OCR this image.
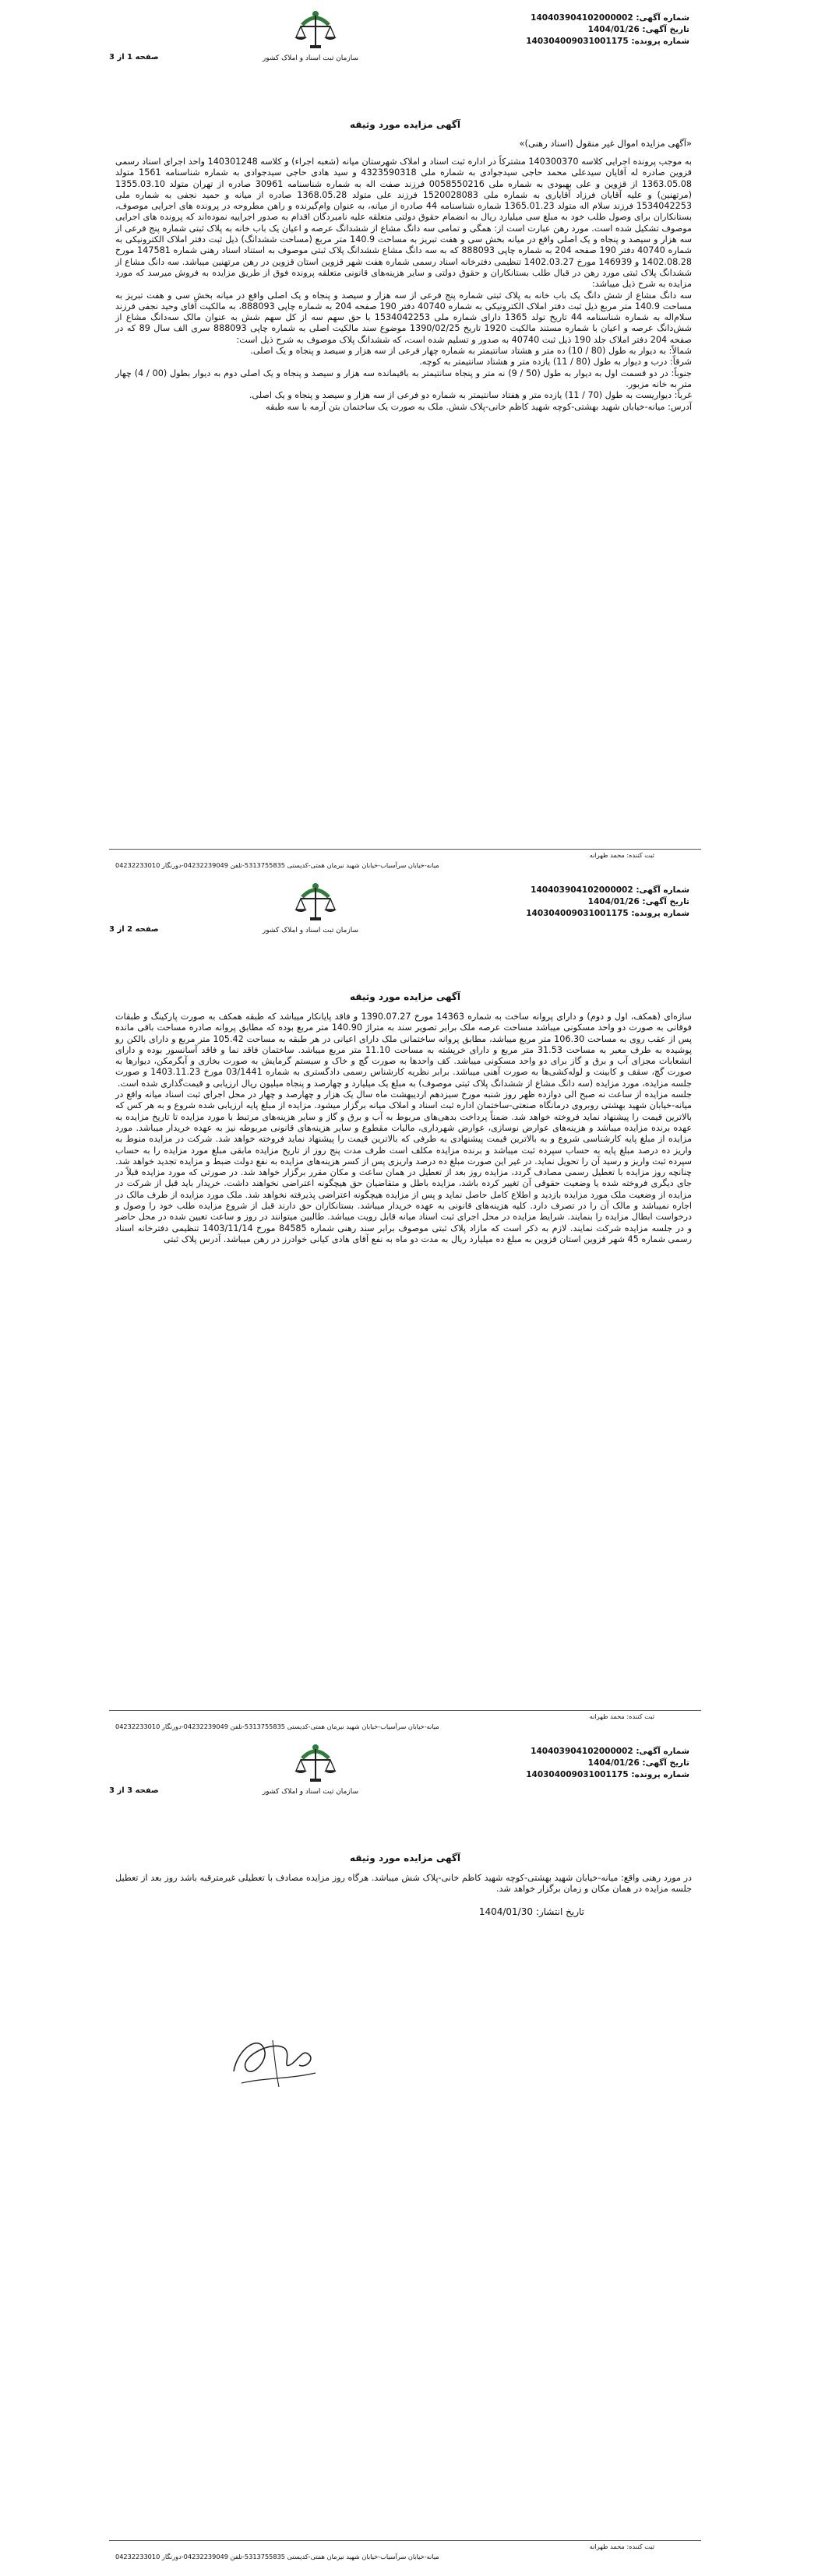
شماره آگهی: 140403904102000002
تاریخ آگهی: 1404/01/26
شماره پرونده: 140304009031001175
سازمان ثبت اسناد و املاک کشور
صفحه 1 از 3
آگهی مزایده مورد وثیقه
«آگهی مزایده اموال غیر منقول (اسناد رهنی)»
به موجب پرونده اجرایی کلاسه 140300370 مشترکاً در اداره ثبت اسناد و املاک شهرستان میانه (شعبه اجراء) و کلاسه 140301248 واحد اجرای اسناد رسمی قزوین صادره له آقایان سیدعلی محمد حاجی سیدجوادی به شماره ملی 4323590318 و سید هادی حاجی سیدجوادی به شماره شناسنامه 1561 متولد 1363.05.08 از قزوین و علی بهبودی به شماره ملی 0058550216 فرزند صفت اله به شماره شناسنامه 30961 صادره از تهران متولد 1355.03.10 (مرتهنین) و علیه آقایان فرزاد آقایاری به شماره ملی 1520028083 فرزند علی متولد 1368.05.28 صادره از میانه و حمید نجفی به شماره ملی 1534042253 فرزند سلام اله متولد 1365.01.23 شماره شناسنامه 44 صادره از میانه، به عنوان وام‌گیرنده و راهن مطروحه در پرونده های اجرایی موصوف، بستانکاران برای وصول طلب خود به مبلغ سی میلیارد ریال به انضمام حقوق دولتی متعلقه علیه نامبردگان اقدام به صدور اجراییه نموده‌اند که پرونده های اجرایی موصوف تشکیل شده است. مورد رهن عبارت است از: همگی و تمامی سه دانگ مشاع از ششدانگ عرصه و اعیان یک باب خانه به پلاک ثبتی شماره پنج فرعی از سه هزار و سیصد و پنجاه و یک اصلی واقع در میانه بخش سی و هفت تبریز به مساحت 140.9 متر مربع (مساحت ششدانگ) ذیل ثبت دفتر املاک الکترونیکی به شماره 40740 دفتر 190 صفحه 204 به شماره چاپی 888093 که به سه دانگ مشاع ششدانگ پلاک ثبتی موصوف به استناد اسناد رهنی شماره 147581 مورخ 1402.08.28 و 146939 مورخ 1402.03.27 تنظیمی دفترخانه اسناد رسمی شماره هفت شهر قزوین استان قزوین در رهن مرتهنین میباشد. سه دانگ مشاع از ششدانگ پلاک ثبتی مورد رهن در قبال طلب بستانکاران و حقوق دولتی و سایر هزینه‌های قانونی متعلقه پرونده فوق از طریق مزایده به فروش میرسد که مورد مزایده به شرح ذیل میباشد:
سه دانگ مشاع از شش دانگ یک باب خانه به پلاک ثبتی شماره پنج فرعی از سه هزار و سیصد و پنجاه و یک اصلی واقع در میانه بخش سی و هفت تبریز به مساحت 140.9 متر مربع ذیل ثبت دفتر املاک الکترونیکی به شماره 40740 دفتر 190 صفحه 204 به شماره چاپی 888093، به مالکیت آقای وحید نجفی فرزند سلام‌اله به شماره شناسنامه 44 تاریخ تولد 1365 دارای شماره ملی 1534042253 با حق سهم سه از کل سهم شش به عنوان مالک سه‌دانگ مشاع از شش‌دانگ عرصه و اعیان با شماره مستند مالکیت 1920 تاریخ 1390/02/25 موضوع سند مالکیت اصلی به شماره چاپی 888093 سری الف سال 89 که در صفحه 204 دفتر املاک جلد 190 ذیل ثبت 40740 به صدور و تسلیم شده است، که ششدانگ پلاک موصوف به شرح ذیل است:
شمالاً: به دیوار به طول (80 / 10) ده متر و هشتاد سانتیمتر به شماره چهار فرعی از سه هزار و سیصد و پنجاه و یک اصلی.
شرقاً: درب و دیوار به طول (80 / 11) یازده متر و هشتاد سانتیمتر به کوچه.
جنوباً: در دو قسمت اول به دیوار به طول (50 / 9) نه متر و پنجاه سانتیمتر به باقیمانده سه هزار و سیصد و پنجاه و یک اصلی دوم به دیوار بطول (00 / 4) چهار متر به خانه مزبور.
غرباً: دیواریست به طول (70 / 11) یازده متر و هفتاد سانتیمتر به شماره دو فرعی از سه هزار و سیصد و پنجاه و یک اصلی.
آدرس: میانه-خیابان شهید بهشتی-کوچه شهید کاظم خانی-پلاک شش. ملک به صورت یک ساختمان بتن آرمه با سه طبقه
ثبت کننده: محمد طهرانه
میانه-خیابان سرآسیاب-خیابان شهید نیرمان همتی-کدپستی 5313755835-تلفن 04232239049-دورنگار 04232233010
شماره آگهی: 140403904102000002
تاریخ آگهی: 1404/01/26
شماره پرونده: 140304009031001175
سازمان ثبت اسناد و املاک کشور
صفحه 2 از 3
آگهی مزایده مورد وثیقه
سازه‌ای (همکف، اول و دوم) و دارای پروانه ساخت به شماره 14363 مورخ 1390.07.27 و فاقد پایانکار میباشد که طبقه همکف به صورت پارکینگ و طبقات فوقانی به صورت دو واحد مسکونی میباشد مساحت عرصه ملک برابر تصویر سند به متراژ 140.90 متر مربع بوده که مطابق پروانه صادره مساحت باقی مانده پس از عقب روی به مساحت 106.30 متر مربع میباشد، مطابق پروانه ساختمانی ملک دارای اعیانی در هر طبقه به مساحت 105.42 متر مربع و دارای بالکن رو پوشیده به طرف معبر به مساحت 31.53 متر مربع و دارای خرپشته به مساحت 11.10 متر مربع میباشد. ساختمان فاقد نما و فاقد آسانسور بوده و دارای انشعابات مجزای آب و برق و گاز برای دو واحد مسکونی میباشد. کف واحدها به صورت گچ و خاک و سیستم گرمایش به صورت بخاری و آبگرمکن، دیوارها به صورت گچ، سقف و کابینت و لوله‌کشی‌ها به صورت آهنی میباشد. برابر نظریه کارشناس رسمی دادگستری به شماره 03/1441 مورخ 1403.11.23 و صورت جلسه مزایده، مورد مزایده (سه دانگ مشاع از ششدانگ پلاک ثبتی موصوف) به مبلغ یک میلیارد و چهارصد و پنجاه میلیون ریال ارزیابی و قیمت‌گذاری شده است.
جلسه مزایده از ساعت نه صبح الی دوازده ظهر روز شنبه مورخ سیزدهم اردیبهشت ماه سال یک هزار و چهارصد و چهار در محل اجرای ثبت اسناد میانه واقع در میانه-خیابان شهید بهشتی روبروی درمانگاه صنعتی-ساختمان اداره ثبت اسناد و املاک میانه برگزار میشود. مزایده از مبلغ پایه ارزیابی شده شروع و به هر کس که بالاترین قیمت را پیشنهاد نماید فروخته خواهد شد. ضمناً پرداخت بدهی‌های مربوط به آب و برق و گاز و سایر هزینه‌های مرتبط با مورد مزایده تا تاریخ مزایده به عهده برنده مزایده میباشد و هزینه‌های عوارض نوسازی، عوارض شهرداری، مالیات مقطوع و سایر هزینه‌های قانونی مربوطه نیز به عهده خریدار میباشد. مورد مزایده از مبلغ پایه کارشناسی شروع و به بالاترین قیمت پیشنهادی به طرفی که بالاترین قیمت را پیشنهاد نماید فروخته خواهد شد. شرکت در مزایده منوط به واریز ده درصد مبلغ پایه به حساب سپرده ثبت میباشد و برنده مزایده مکلف است ظرف مدت پنج روز از تاریخ مزایده مابقی مبلغ مورد مزایده را به حساب سپرده ثبت واریز و رسید آن را تحویل نماید. در غیر این صورت مبلغ ده درصد واریزی پس از کسر هزینه‌های مزایده به نفع دولت ضبط و مزایده تجدید خواهد شد. چنانچه روز مزایده با تعطیل رسمی مصادف گردد، مزایده روز بعد از تعطیل در همان ساعت و مکان مقرر برگزار خواهد شد. در صورتی که مورد مزایده قبلاً در جای دیگری فروخته شده یا وضعیت حقوقی آن تغییر کرده باشد، مزایده باطل و متقاضیان حق هیچگونه اعتراضی نخواهند داشت. خریدار باید قبل از شرکت در مزایده از وضعیت ملک مورد مزایده بازدید و اطلاع کامل حاصل نماید و پس از مزایده هیچگونه اعتراضی پذیرفته نخواهد شد. ملک مورد مزایده از طرف مالک در اجاره نمیباشد و مالک آن را در تصرف دارد. کلیه هزینه‌های قانونی به عهده خریدار میباشد. بستانکاران حق دارند قبل از شروع مزایده طلب خود را وصول و درخواست ابطال مزایده را بنمایند. شرایط مزایده در محل اجرای ثبت اسناد میانه قابل رویت میباشد. طالبین میتوانند در روز و ساعت تعیین شده در محل حاضر و در جلسه مزایده شرکت نمایند. لازم به ذکر است که مازاد پلاک ثبتی موصوف برابر سند رهنی شماره 84585 مورخ 1403/11/14 تنظیمی دفترخانه اسناد رسمی شماره 45 شهر قزوین استان قزوین به مبلغ ده میلیارد ریال به مدت دو ماه به نفع آقای هادی کیانی خوادرز در رهن میباشد. آدرس پلاک ثبتی
ثبت کننده: محمد طهرانه
میانه-خیابان سرآسیاب-خیابان شهید نیرمان همتی-کدپستی 5313755835-تلفن 04232239049-دورنگار 04232233010
شماره آگهی: 140403904102000002
تاریخ آگهی: 1404/01/26
شماره پرونده: 140304009031001175
سازمان ثبت اسناد و املاک کشور
صفحه 3 از 3
آگهی مزایده مورد وثیقه
در مورد رهنی واقع: میانه-خیابان شهید بهشتی-کوچه شهید کاظم خانی-پلاک شش میباشد. هرگاه روز مزایده مصادف با تعطیلی غیرمترقبه باشد روز بعد از تعطیل جلسه مزایده در همان مکان و زمان برگزار خواهد شد.
تاریخ انتشار: 1404/01/30
ثبت کننده: محمد طهرانه
میانه-خیابان سرآسیاب-خیابان شهید نیرمان همتی-کدپستی 5313755835-تلفن 04232239049-دورنگار 04232233010
